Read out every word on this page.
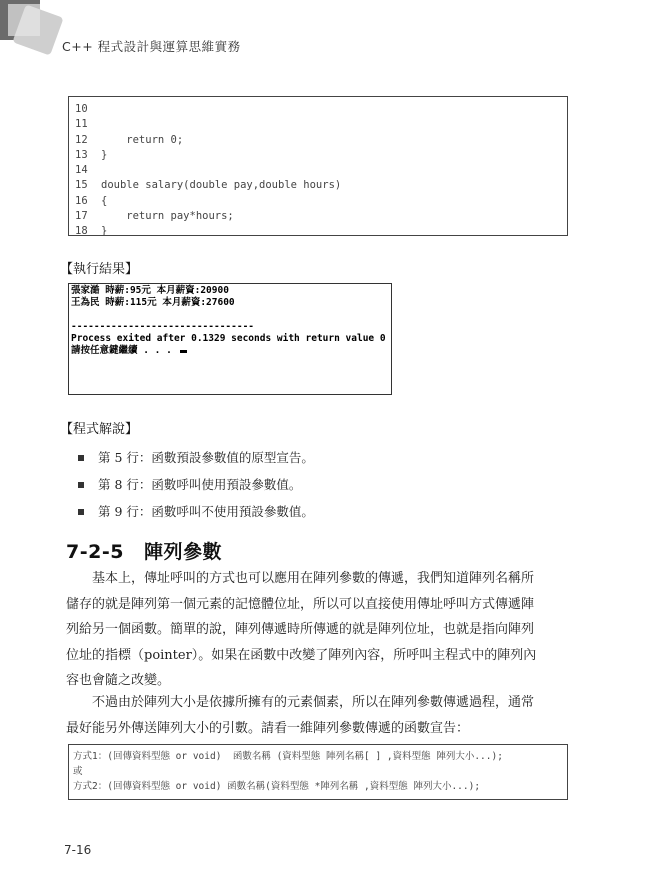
C++ 程式設計與運算思維實務
10
11
12    return 0;
13 }
14
15 double salary(double pay,double hours)
16 {
17    return pay*hours;
18 }
【執行結果】
張家澔 時薪:95元 本月薪資:20900
王為民 時薪:115元 本月薪資:27600
--------------------------------
Process exited after 0.1329 seconds with return value 0
請按任意鍵繼續 . . .
【程式解說】
第 5 行：函數預設參數值的原型宣告。
第 8 行：函數呼叫使用預設參數值。
第 9 行：函數呼叫不使用預設參數值。
7-2-5 陣列參數
　　基本上，傳址呼叫的方式也可以應用在陣列參數的傳遞，我們知道陣列名稱所
儲存的就是陣列第一個元素的記憶體位址，所以可以直接使用傳址呼叫方式傳遞陣
列給另一個函數。簡單的說，陣列傳遞時所傳遞的就是陣列位址，也就是指向陣列
位址的指標（pointer）。如果在函數中改變了陣列內容，所呼叫主程式中的陣列內
容也會隨之改變。
　　不過由於陣列大小是依據所擁有的元素個素，所以在陣列參數傳遞過程，通常
最好能另外傳送陣列大小的引數。請看一維陣列參數傳遞的函數宣告：
方式1：(回傳資料型態 or void)  函數名稱 (資料型態 陣列名稱[ ] ,資料型態 陣列大小...);
或
方式2：(回傳資料型態 or void) 函數名稱(資料型態 *陣列名稱 ,資料型態 陣列大小...);
7-16
